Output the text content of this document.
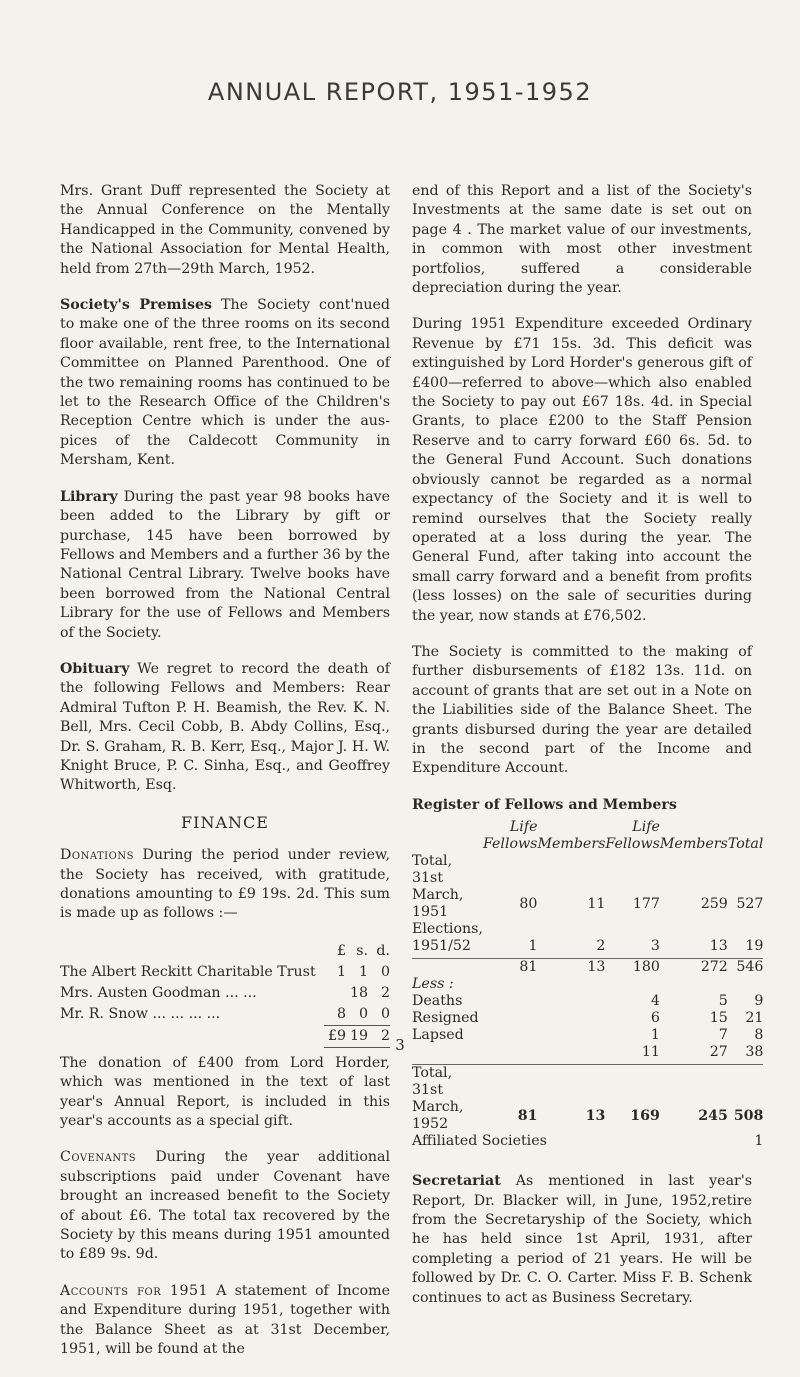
ANNUAL REPORT, 1951-1952

Mrs. Grant Duff represented the Society at the Annual Conference on the Mentally Handicapped in the Community, convened by the National Association for Mental Health, held from 27th—29th March, 1952.

Society's Premises The Society cont'nued to make one of the three rooms on its second floor available, rent free, to the International Committee on Planned Parenthood. One of the two remaining rooms has continued to be let to the Research Office of the Children's Reception Centre which is under the auspices of the Caldecott Community in Mersham, Kent.

Library During the past year 98 books have been added to the Library by gift or purchase, 145 have been borrowed by Fellows and Members and a further 36 by the National Central Library. Twelve books have been borrowed from the National Central Library for the use of Fellows and Members of the Society.

Obituary We regret to record the death of the following Fellows and Members: Rear Admiral Tufton P. H. Beamish, the Rev. K. N. Bell, Mrs. Cecil Cobb, B. Abdy Collins, Esq., Dr. S. Graham, R. B. Kerr, Esq., Major J. H. W. Knight Bruce, P. C. Sinha, Esq., and Geoffrey Whitworth, Esq.

FINANCE

Donations During the period under review, the Society has received, with gratitude, donations amounting to £9 19s. 2d. This sum is made up as follows :—

	£	s.	d.
The Albert Reckitt Charitable Trust	1	1	0
Mrs. Austen Goodman ... ...		18	2
Mr. R. Snow ... ... ... ...	8	0	0
	£9	19	2

The donation of £400 from Lord Horder, which was mentioned in the text of last year's Annual Report, is included in this year's accounts as a special gift.

Covenants During the year additional subscriptions paid under Covenant have brought an increased benefit to the Society of about £6. The total tax recovered by the Society by this means during 1951 amounted to £89 9s. 9d.

Accounts for 1951 A statement of Income and Expenditure during 1951, together with the Balance Sheet as at 31st December, 1951, will be found at the

end of this Report and a list of the Society's Investments at the same date is set out on page 4 . The market value of our investments, in common with most other investment portfolios, suffered a considerable depreciation during the year.

During 1951 Expenditure exceeded Ordinary Revenue by £71 15s. 3d. This deficit was extinguished by Lord Horder's generous gift of £400—referred to above—which also enabled the Society to pay out £67 18s. 4d. in Special Grants, to place £200 to the Staff Pension Reserve and to carry forward £60 6s. 5d. to the General Fund Account. Such donations obviously cannot be regarded as a normal expectancy of the Society and it is well to remind ourselves that the Society really operated at a loss during the year. The General Fund, after taking into account the small carry forward and a benefit from profits (less losses) on the sale of securities during the year, now stands at £76,502.

The Society is committed to the making of further disbursements of £182 13s. 11d. on account of grants that are set out in a Note on the Liabilities side of the Balance Sheet. The grants disbursed during the year are detailed in the second part of the Income and Expenditure Account.

Register of Fellows and Members
	Life		Life		
	Fellows	Members	Fellows	Members	Total
Total, 31st					
March, 1951	80	11	177	259	527
Elections,					
1951/52	1	2	3	13	19

	81	13	180	272	546
Less :					
Deaths			4	5	9
Resigned			6	15	21
Lapsed			1	7	8
			11	27	38

Total, 31st					
March, 1952	81	13	169	245	508
Affiliated Societies					1

Secretariat As mentioned in last year's Report, Dr. Blacker will, in June, 1952,retire from the Secretaryship of the Society, which he has held since 1st April, 1931, after completing a period of 21 years. He will be followed by Dr. C. O. Carter. Miss F. B. Schenk continues to act as Business Secretary.

3
